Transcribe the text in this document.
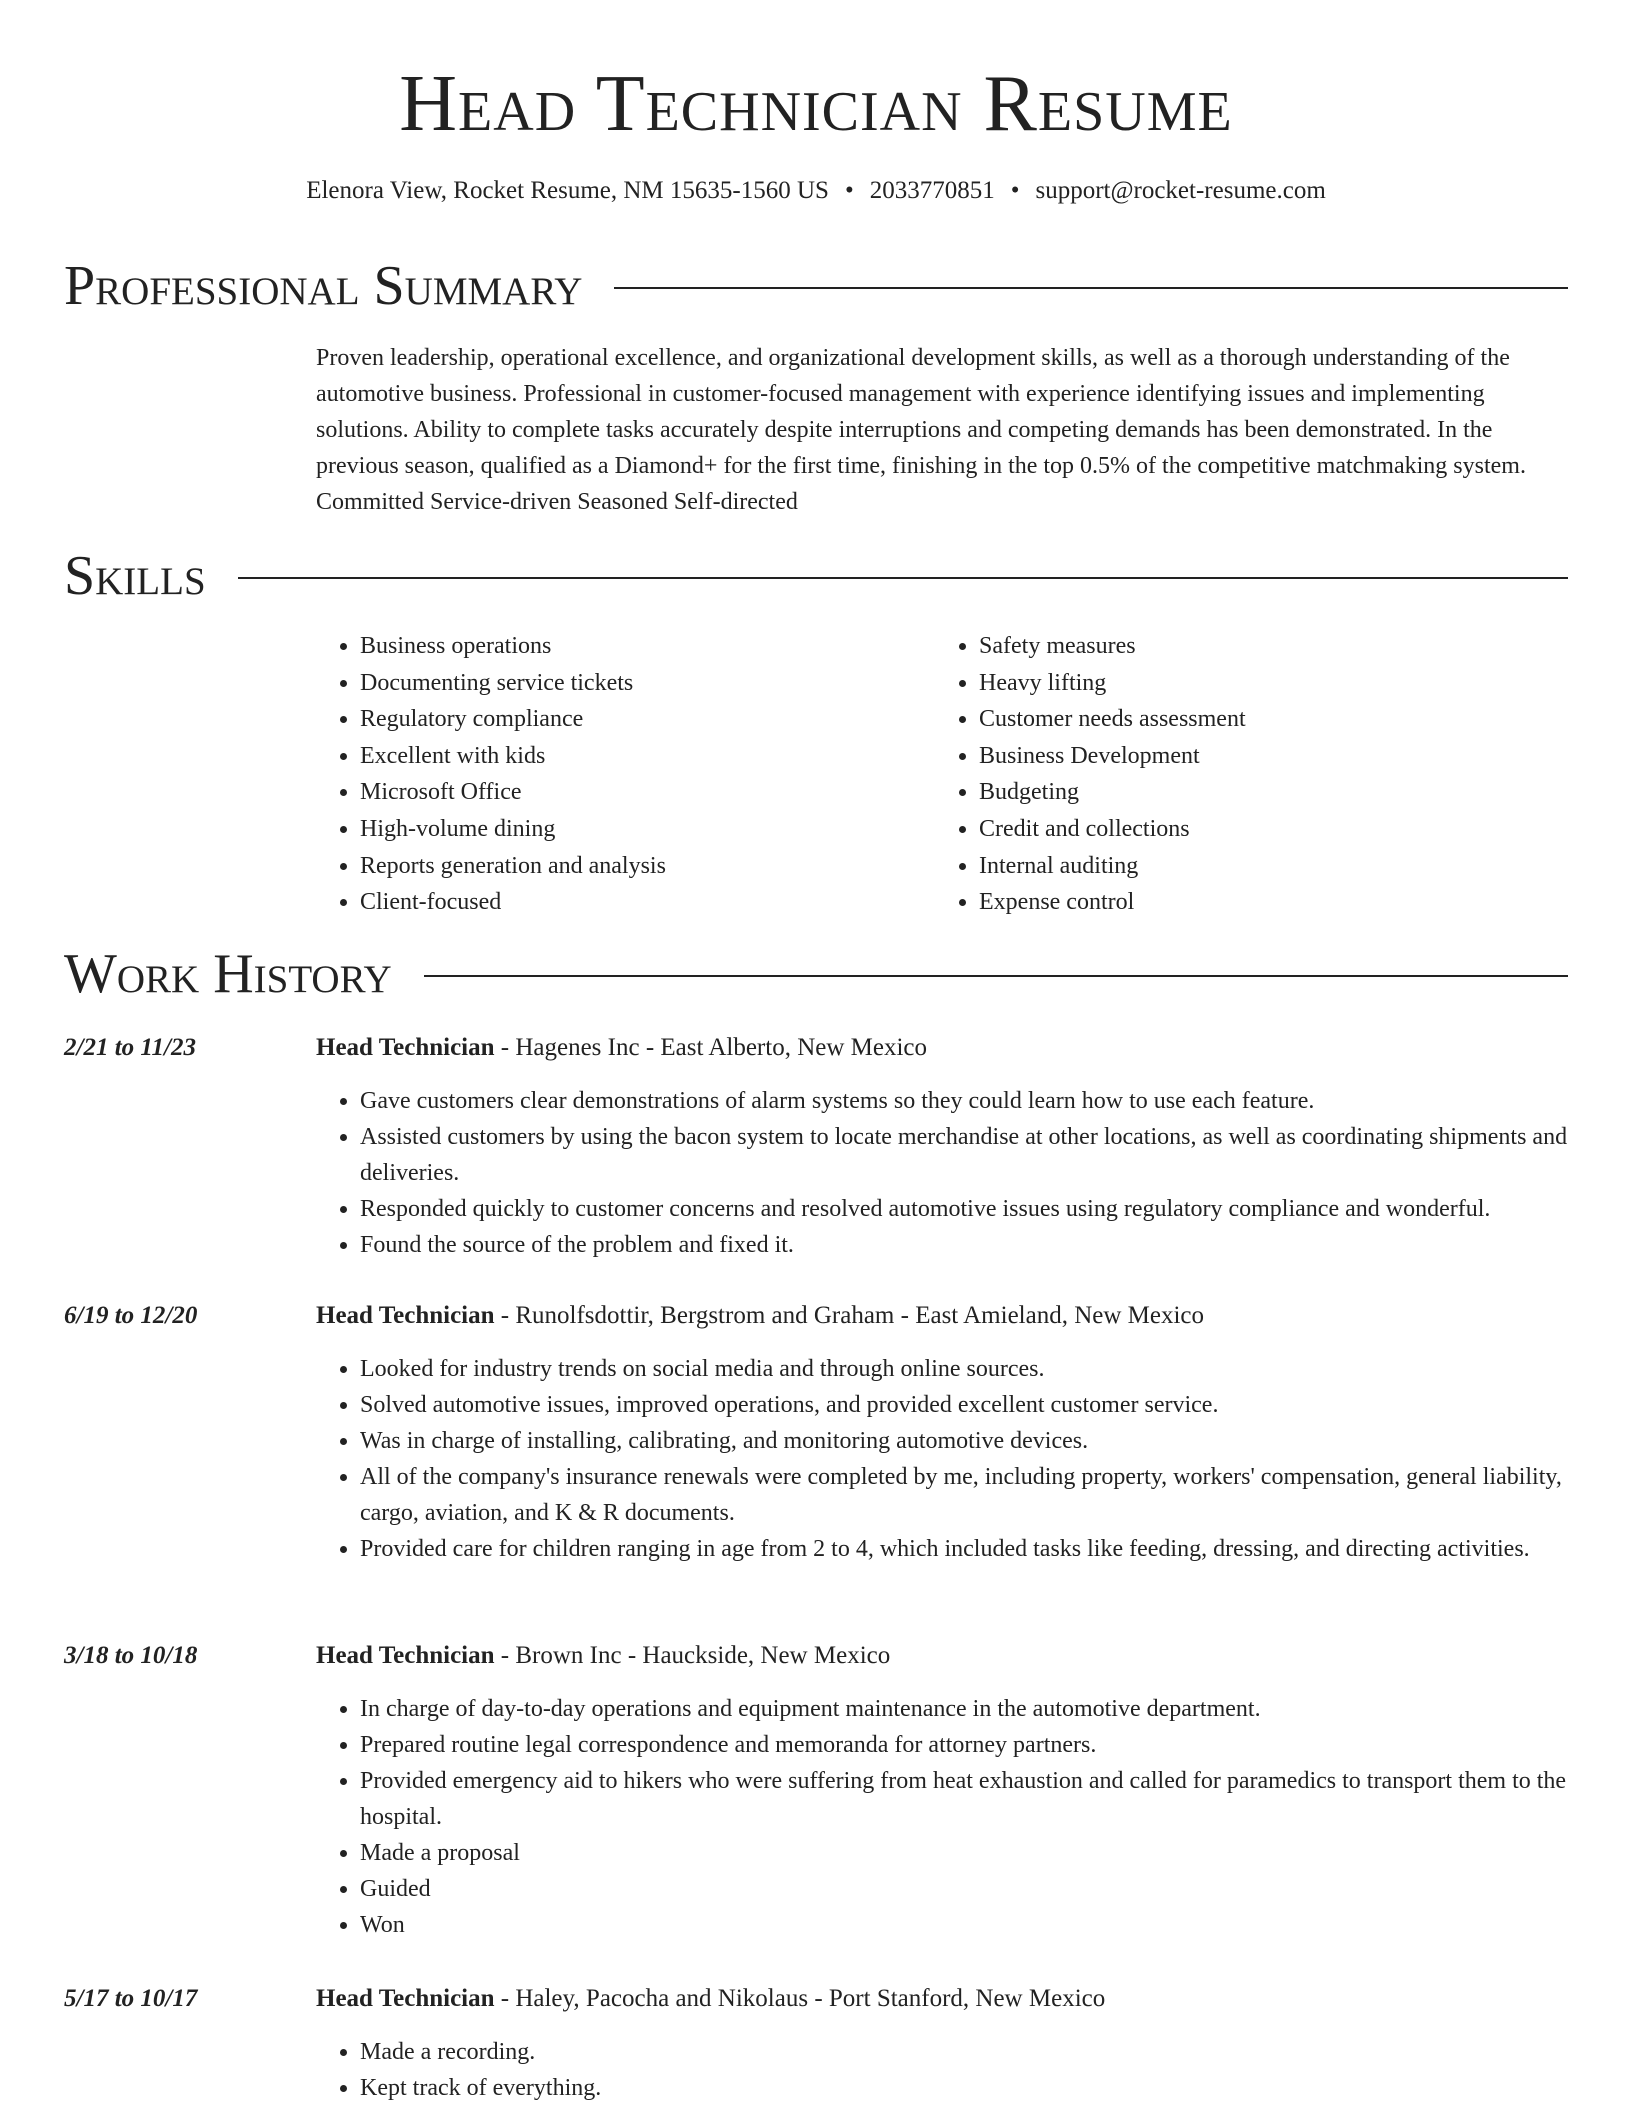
Head Technician Resume
Elenora View, Rocket Resume, NM 15635-1560 US • 2033770851 • support@rocket-resume.com
Professional Summary

Proven leadership, operational excellence, and organizational development skills, as well as a thorough understanding of the automotive business. Professional in customer-focused management with experience identifying issues and implementing solutions. Ability to complete tasks accurately despite interruptions and competing demands has been demonstrated. In the previous season, qualified as a Diamond+ for the first time, finishing in the top 0.5% of the competitive matchmaking system. Committed Service-driven Seasoned Self-directed

Skills
• Business operations
• Documenting service tickets
• Regulatory compliance
• Excellent with kids
• Microsoft Office
• High-volume dining
• Reports generation and analysis
• Client-focused
• Safety measures
• Heavy lifting
• Customer needs assessment
• Business Development
• Budgeting
• Credit and collections
• Internal auditing
• Expense control
Work History
2/21 to 11/23	Head Technician - Hagenes Inc - East Alberto, New Mexico
• Gave customers clear demonstrations of alarm systems so they could learn how to use each feature.
• Assisted customers by using the bacon system to locate merchandise at other locations, as well as coordinating shipments and deliveries.
• Responded quickly to customer concerns and resolved automotive issues using regulatory compliance and wonderful.
• Found the source of the problem and fixed it.
6/19 to 12/20	Head Technician - Runolfsdottir, Bergstrom and Graham - East Amieland, New Mexico
• Looked for industry trends on social media and through online sources.
• Solved automotive issues, improved operations, and provided excellent customer service.
• Was in charge of installing, calibrating, and monitoring automotive devices.
• All of the company's insurance renewals were completed by me, including property, workers' compensation, general liability, cargo, aviation, and K & R documents.
• Provided care for children ranging in age from 2 to 4, which included tasks like feeding, dressing, and directing activities.
3/18 to 10/18	Head Technician - Brown Inc - Hauckside, New Mexico
• In charge of day-to-day operations and equipment maintenance in the automotive department.
• Prepared routine legal correspondence and memoranda for attorney partners.
• Provided emergency aid to hikers who were suffering from heat exhaustion and called for paramedics to transport them to the hospital.
• Made a proposal
• Guided
• Won
5/17 to 10/17	Head Technician - Haley, Pacocha and Nikolaus - Port Stanford, New Mexico
• Made a recording.
• Kept track of everything.
